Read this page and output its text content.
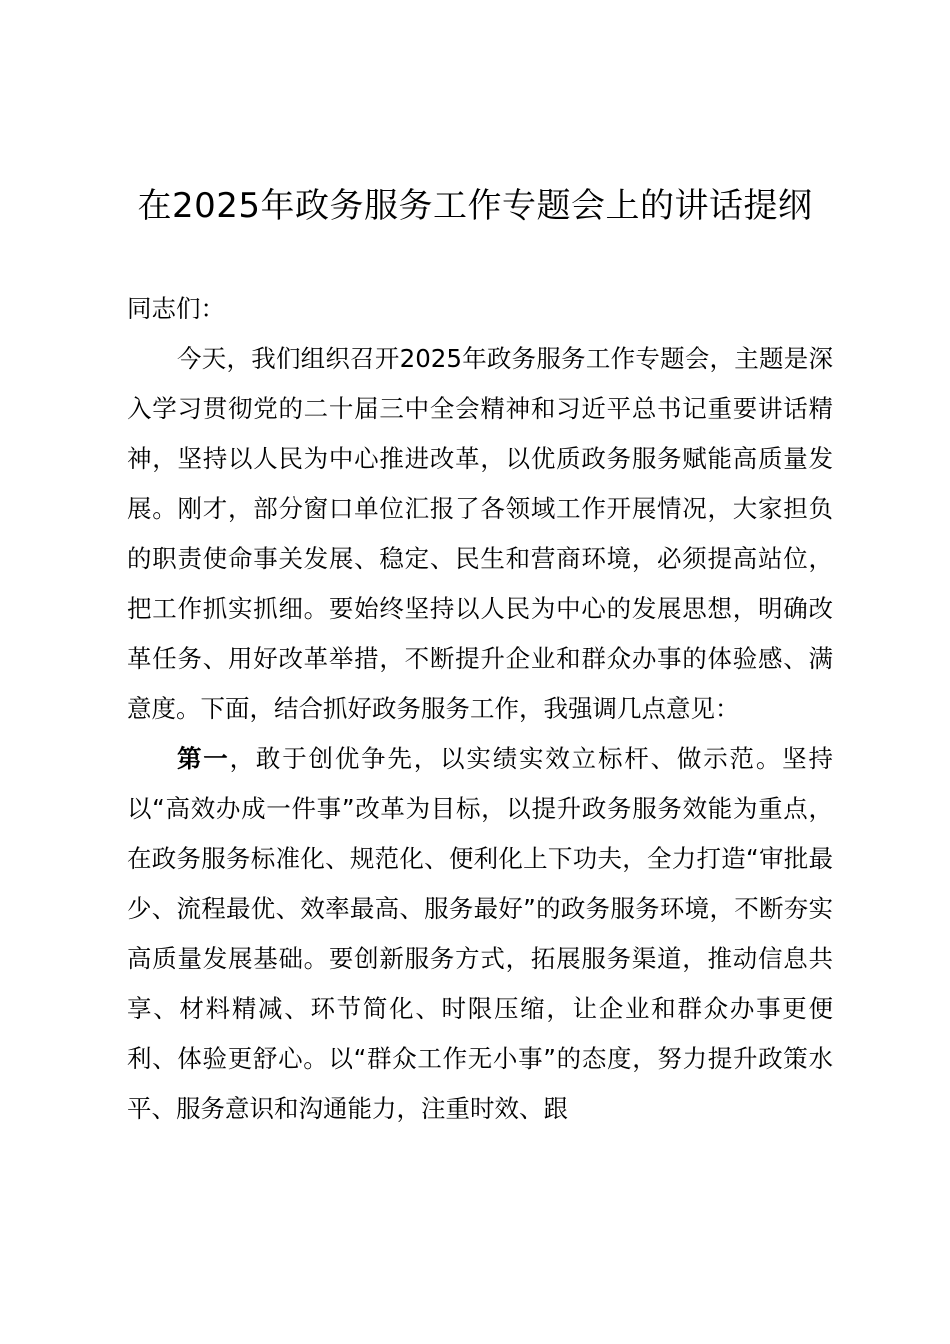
在2025年政务服务工作专题会上的讲话提纲

同志们：

今天，我们组织召开2025年政务服务工作专题会，主题是深入学习贯彻党的二十届三中全会精神和习近平总书记重要讲话精神，坚持以人民为中心推进改革，以优质政务服务赋能高质量发展。刚才，部分窗口单位汇报了各领域工作开展情况，大家担负的职责使命事关发展、稳定、民生和营商环境，必须提高站位，把工作抓实抓细。要始终坚持以人民为中心的发展思想，明确改革任务、用好改革举措，不断提升企业和群众办事的体验感、满意度。下面，结合抓好政务服务工作，我强调几点意见：

第一，敢于创优争先，以实绩实效立标杆、做示范。坚持以“高效办成一件事”改革为目标，以提升政务服务效能为重点，在政务服务标准化、规范化、便利化上下功夫，全力打造“审批最少、流程最优、效率最高、服务最好”的政务服务环境，不断夯实高质量发展基础。要创新服务方式，拓展服务渠道，推动信息共享、材料精减、环节简化、时限压缩，让企业和群众办事更便利、体验更舒心。以“群众工作无小事”的态度，努力提升政策水平、服务意识和沟通能力，注重时效、跟
